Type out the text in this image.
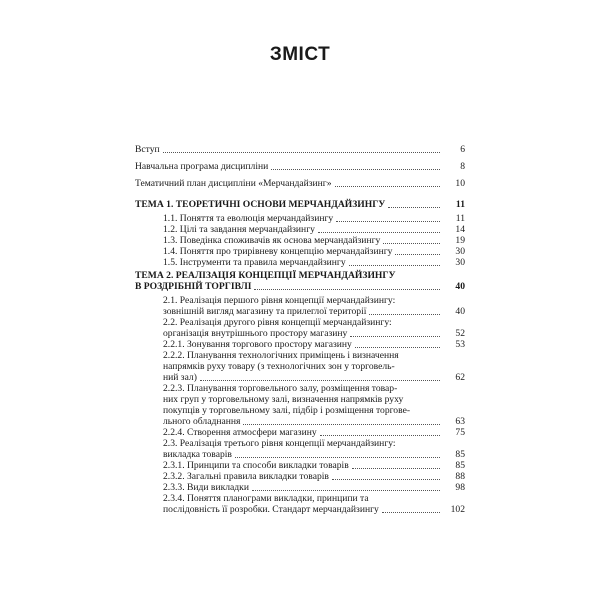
ЗМІСТ
Вступ	6
Навчальна програма дисципліни	8
Тематичний план дисципліни «Мерчандайзинг»	10
ТЕМА 1. ТЕОРЕТИЧНІ ОСНОВИ МЕРЧАНДАЙЗИНГУ	11
1.1. Поняття та еволюція мерчандайзингу	11
1.2. Цілі та завдання мерчандайзингу	14
1.3. Поведінка споживачів як основа мерчандайзингу	19
1.4. Поняття про трирівневу концепцію мерчандайзингу	30
1.5. Інструменти та правила мерчандайзингу	30
ТЕМА 2. РЕАЛІЗАЦІЯ КОНЦЕПЦІЇ МЕРЧАНДАЙЗИНГУ
В РОЗДРІБНІЙ ТОРГІВЛІ	40
2.1. Реалізація першого рівня концепції мерчандайзингу:
зовнішній вигляд магазину та прилеглої території	40
2.2. Реалізація другого рівня концепції мерчандайзингу:
організація внутрішнього простору магазину	52
2.2.1. Зонування торгового простору магазину	53
2.2.2. Планування технологічних приміщень і визначення
напрямків руху товару (з технологічних зон у торговель-
ний зал)	62
2.2.3. Планування торговельного залу, розміщення товар-
них груп у торговельному залі, визначення напрямків руху
покупців у торговельному залі, підбір і розміщення торгове-
льного обладнання	63
2.2.4. Створення атмосфери магазину	75
2.3. Реалізація третього рівня концепції мерчандайзингу:
викладка товарів	85
2.3.1. Принципи та способи викладки товарів	85
2.3.2. Загальні правила викладки товарів	88
2.3.3. Види викладки	98
2.3.4. Поняття планограми викладки, принципи та
послідовність її розробки. Стандарт мерчандайзингу	102
